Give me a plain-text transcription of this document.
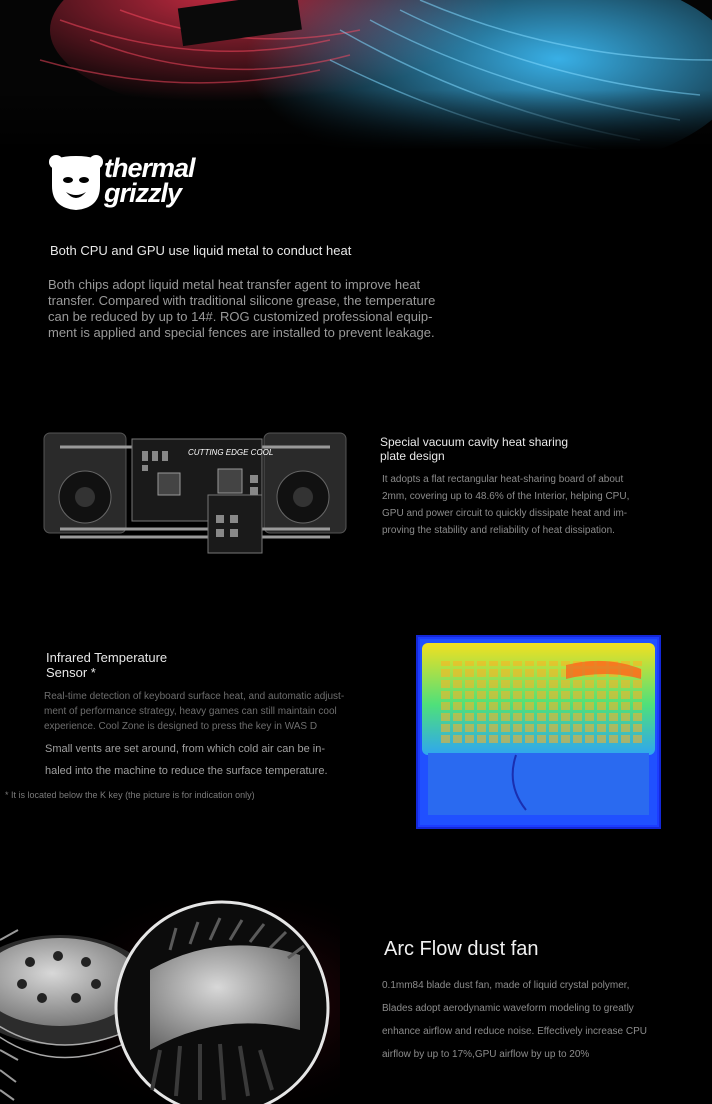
thermal
grizzly
Both CPU and GPU use liquid metal to conduct heat
Both chips adopt liquid metal heat transfer agent to improve heat
transfer. Compared with traditional silicone grease, the temperature
can be reduced by up to 14#. ROG customized professional equip-
ment is applied and special fences are installed to prevent leakage.
CUTTING EDGE COOL
Special vacuum cavity heat sharing
plate design
It adopts a flat rectangular heat-sharing board of about
2mm, covering up to 48.6% of the Interior, helping CPU,
GPU and power circuit to quickly dissipate heat and im-
proving the stability and reliability of heat dissipation.
Infrared Temperature
Sensor *
Real-time detection of keyboard surface heat, and automatic adjust-
ment of performance strategy, heavy games can still maintain cool
experience. Cool Zone is designed to press the key in WAS D
Small vents are set around, from which cold air can be in-
haled into the machine to reduce the surface temperature.
* It is located below the K key (the picture is for indication only)
Arc Flow dust fan
0.1mm84 blade dust fan, made of liquid crystal polymer,
Blades adopt aerodynamic waveform modeling to greatly
enhance airflow and reduce noise. Effectively increase CPU
airflow by up to 17%,GPU airflow by up to 20%
